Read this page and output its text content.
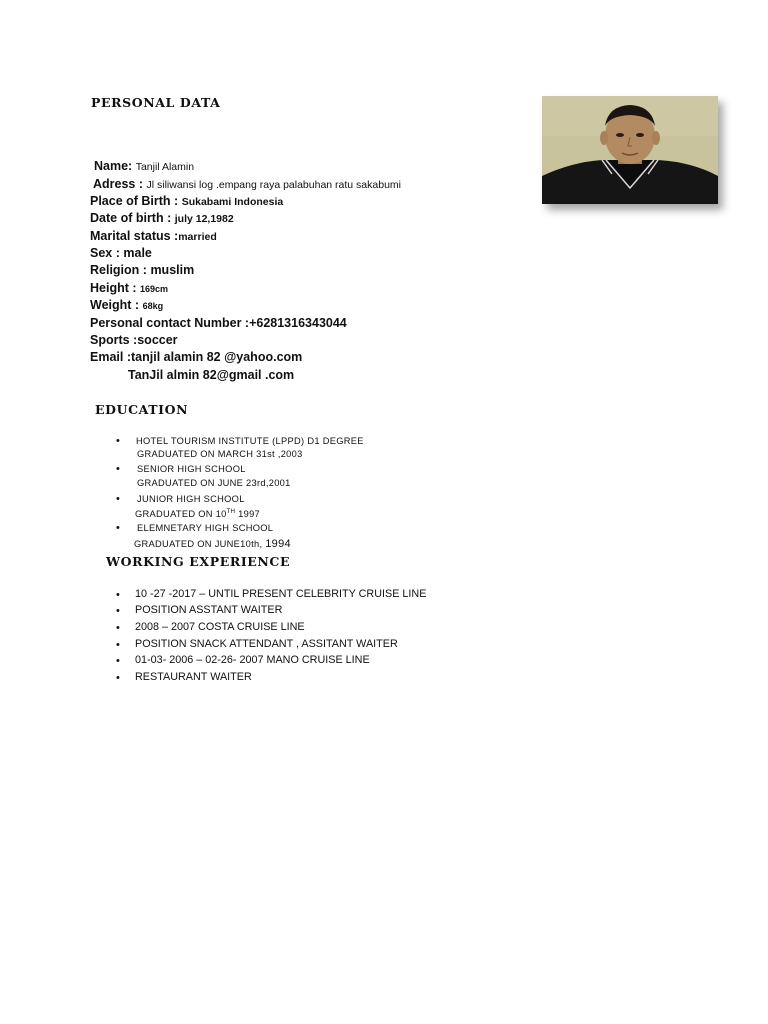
PERSONAL DATA
Name: Tanjil Alamin
Adress : Jl siliwansi log .empang raya palabuhan ratu sakabumi
Place of Birth : Sukabami Indonesia
Date of birth : july 12,1982
Marital status :married
Sex : male
Religion : muslim
Height : 169cm
Weight : 68kg
Personal contact Number :+6281316343044
Sports :soccer
Email :tanjil alamin 82 @yahoo.com
TanJil almin 82@gmail .com
EDUCATION
• HOTEL TOURISM INSTITUTE (LPPD) D1 DEGREE
GRADUATED ON MARCH 31st ,2003
• SENIOR HIGH SCHOOL
GRADUATED ON JUNE 23rd,2001
• JUNIOR HIGH SCHOOL
GRADUATED ON 10TH 1997
• ELEMNETARY HIGH SCHOOL
GRADUATED ON JUNE10th, 1994
WORKING EXPERIENCE
• 10 -27 -2017 – UNTIL PRESENT CELEBRITY CRUISE LINE
• POSITION ASSTANT WAITER
• 2008 – 2007 COSTA CRUISE LINE
• POSITION SNACK ATTENDANT , ASSITANT WAITER
• 01-03- 2006 – 02-26- 2007 MANO CRUISE LINE
• RESTAURANT WAITER
